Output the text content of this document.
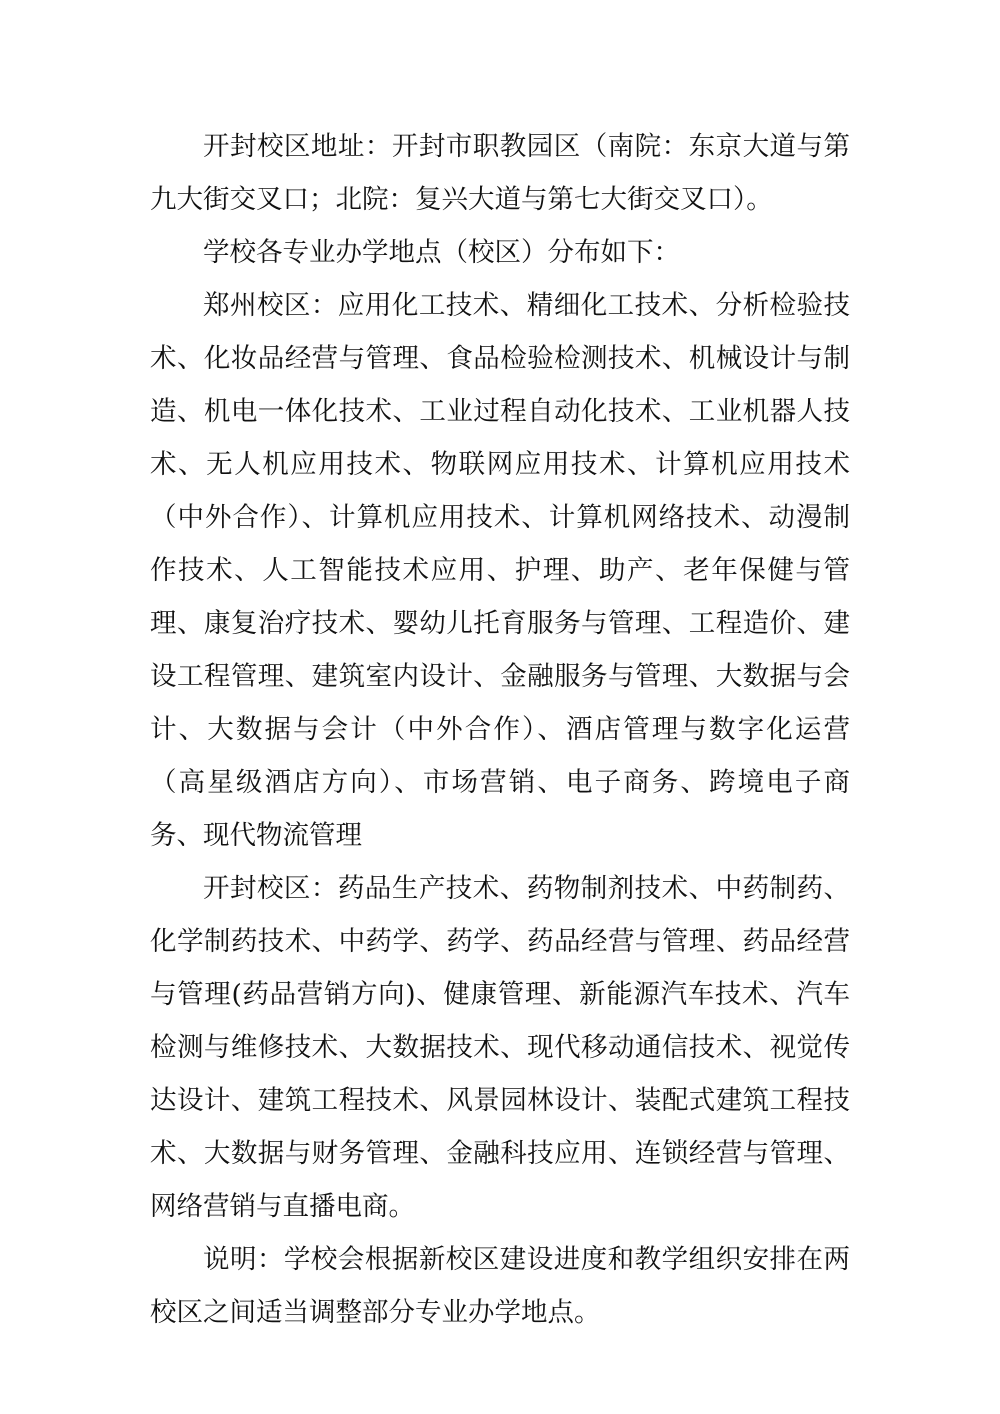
开封校区地址：开封市职教园区（南院：东京大道与第九大街交叉口；北院：复兴大道与第七大街交叉口）。

学校各专业办学地点（校区）分布如下：

郑州校区：应用化工技术、精细化工技术、分析检验技术、化妆品经营与管理、食品检验检测技术、机械设计与制造、机电一体化技术、工业过程自动化技术、工业机器人技术、无人机应用技术、物联网应用技术、计算机应用技术（中外合作）、计算机应用技术、计算机网络技术、动漫制作技术、人工智能技术应用、护理、助产、老年保健与管理、康复治疗技术、婴幼儿托育服务与管理、工程造价、建设工程管理、建筑室内设计、金融服务与管理、大数据与会计、大数据与会计（中外合作）、酒店管理与数字化运营（高星级酒店方向）、市场营销、电子商务、跨境电子商务、现代物流管理

开封校区：药品生产技术、药物制剂技术、中药制药、化学制药技术、中药学、药学、药品经营与管理、药品经营与管理(药品营销方向)、健康管理、新能源汽车技术、汽车检测与维修技术、大数据技术、现代移动通信技术、视觉传达设计、建筑工程技术、风景园林设计、装配式建筑工程技术、大数据与财务管理、金融科技应用、连锁经营与管理、网络营销与直播电商。

说明：学校会根据新校区建设进度和教学组织安排在两校区之间适当调整部分专业办学地点。
